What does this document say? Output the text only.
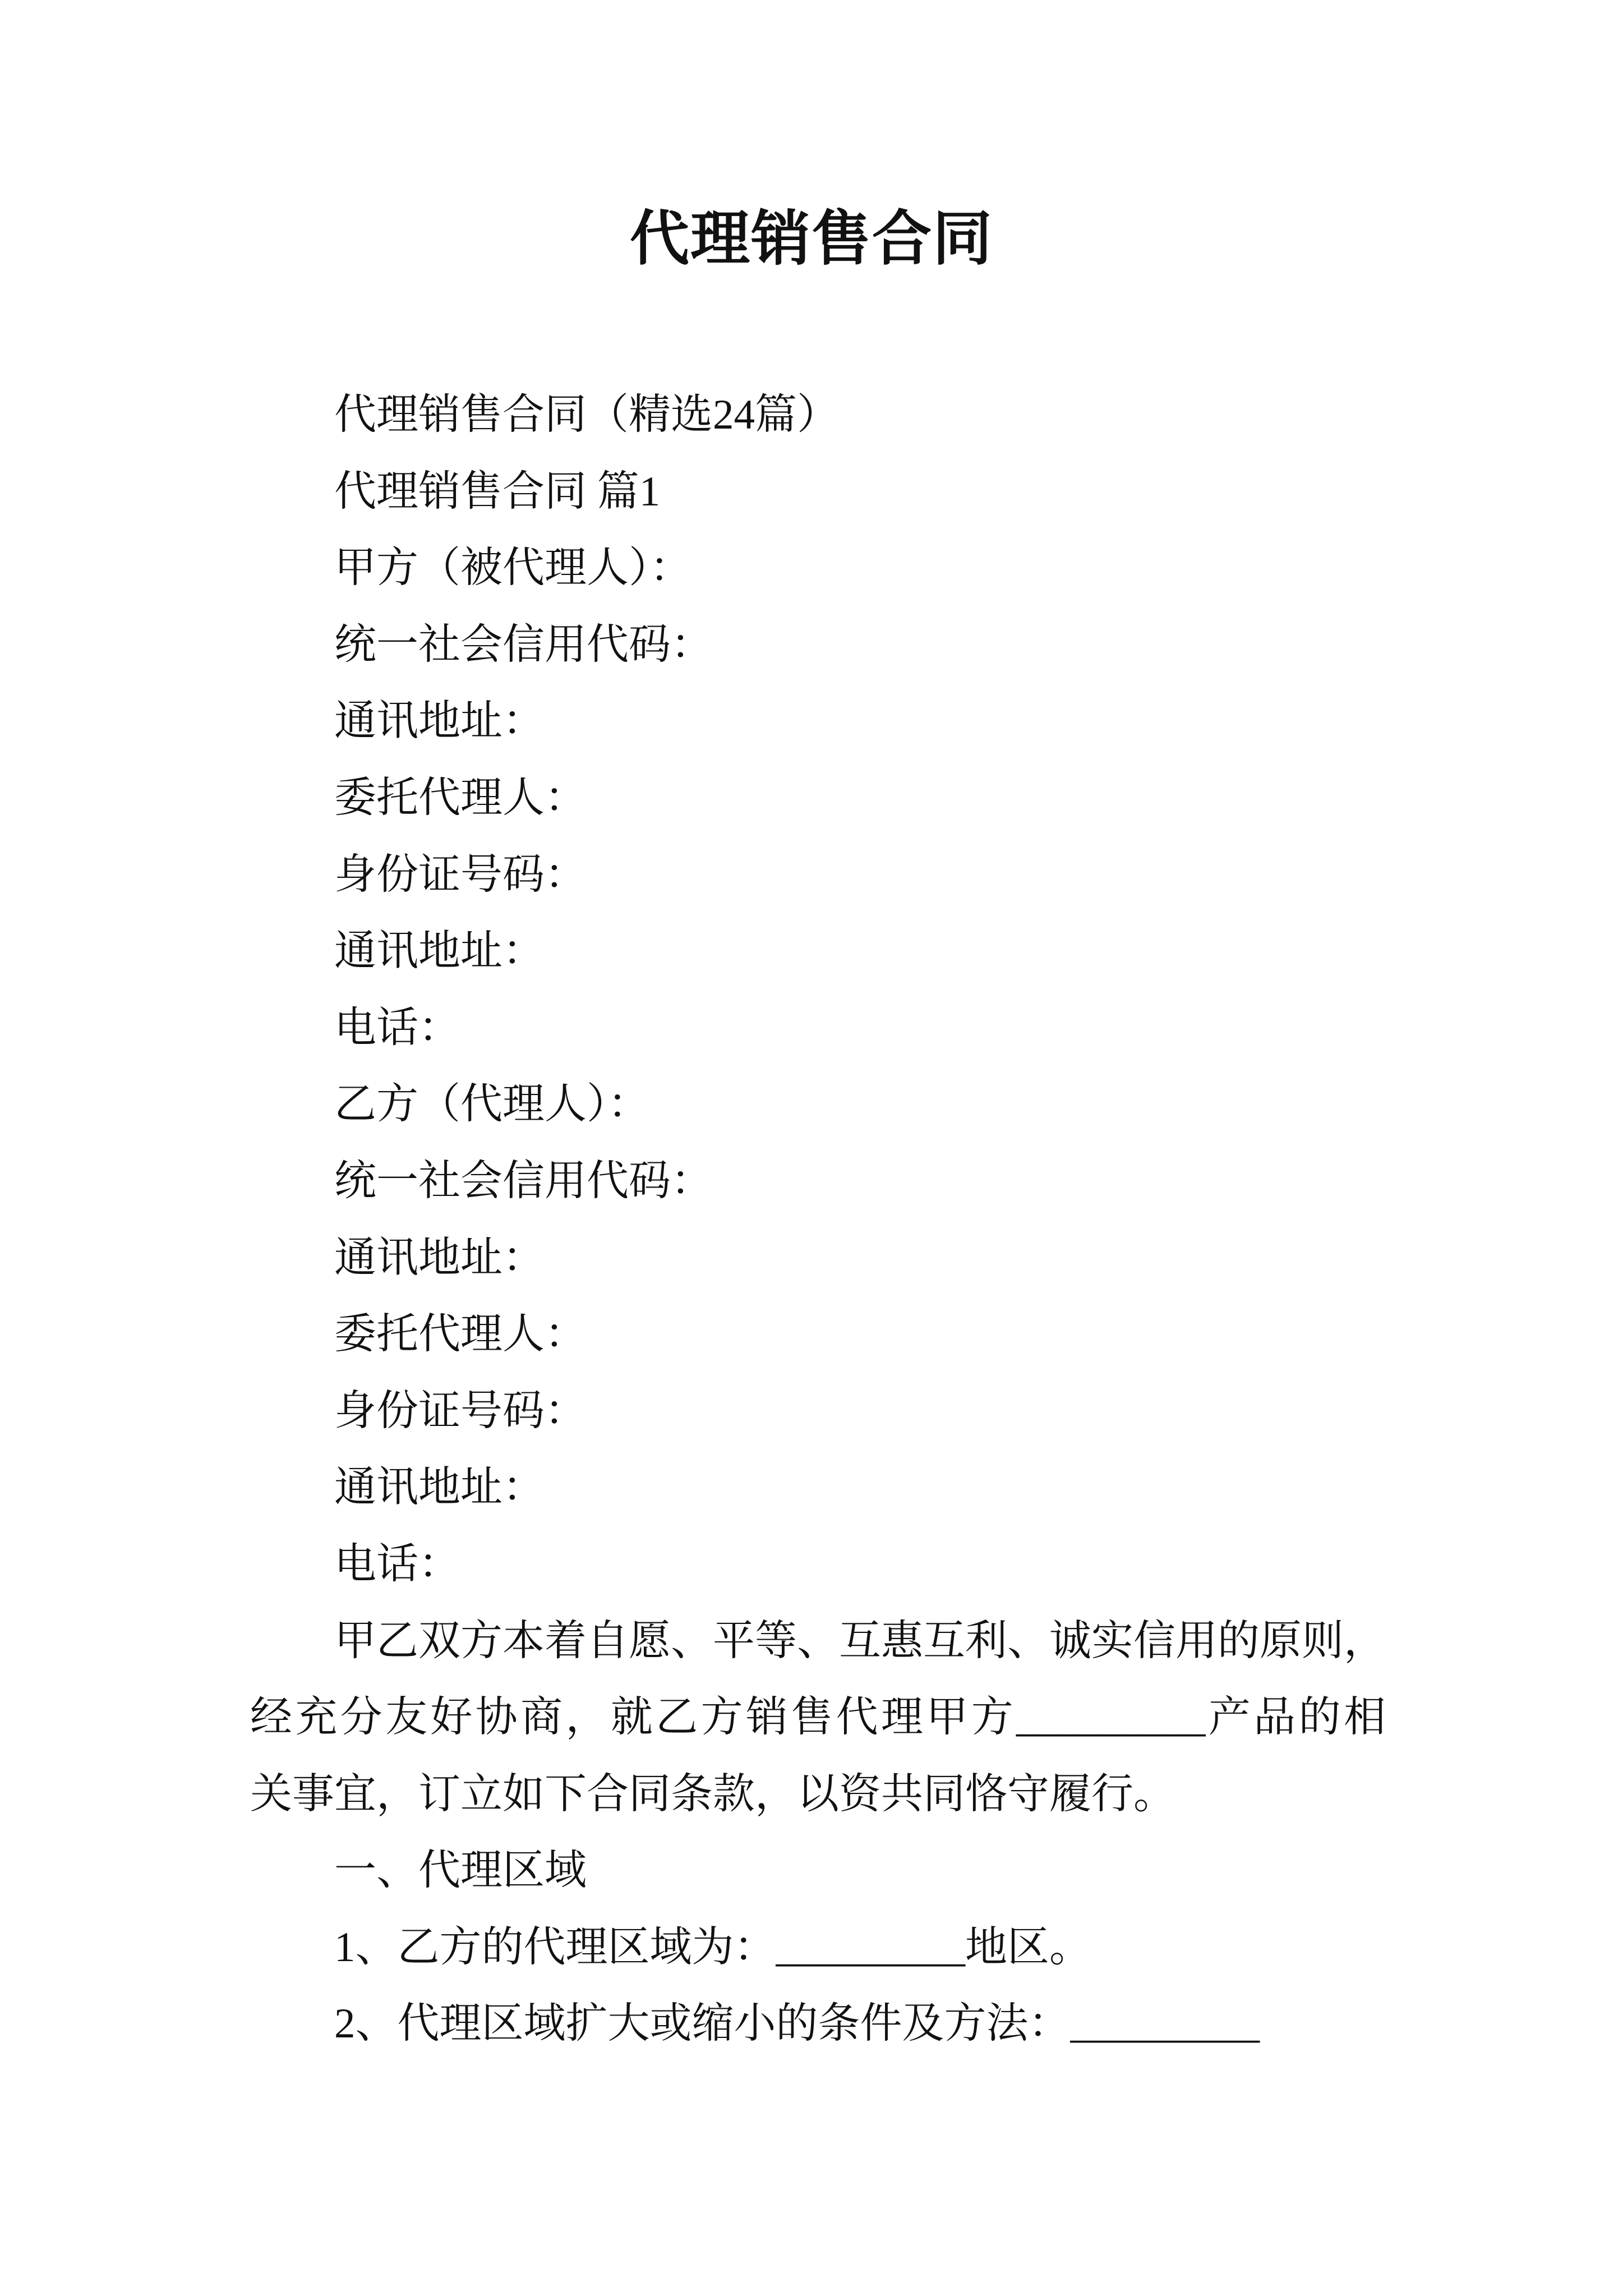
代理销售合同
代理销售合同（精选24篇）
代理销售合同 篇1
甲方（被代理人）：
统一社会信用代码：
通讯地址：
委托代理人：
身份证号码：
通讯地址：
电话：
乙方（代理人）：
统一社会信用代码：
通讯地址：
委托代理人：
身份证号码：
通讯地址：
电话：
甲乙双方本着自愿、平等、互惠互利、诚实信用的原则，
经充分友好协商，就乙方销售代理甲方_________产品的相
关事宜，订立如下合同条款，以资共同恪守履行。
一、代理区域
1、乙方的代理区域为：_________地区。
2、代理区域扩大或缩小的条件及方法：_________
